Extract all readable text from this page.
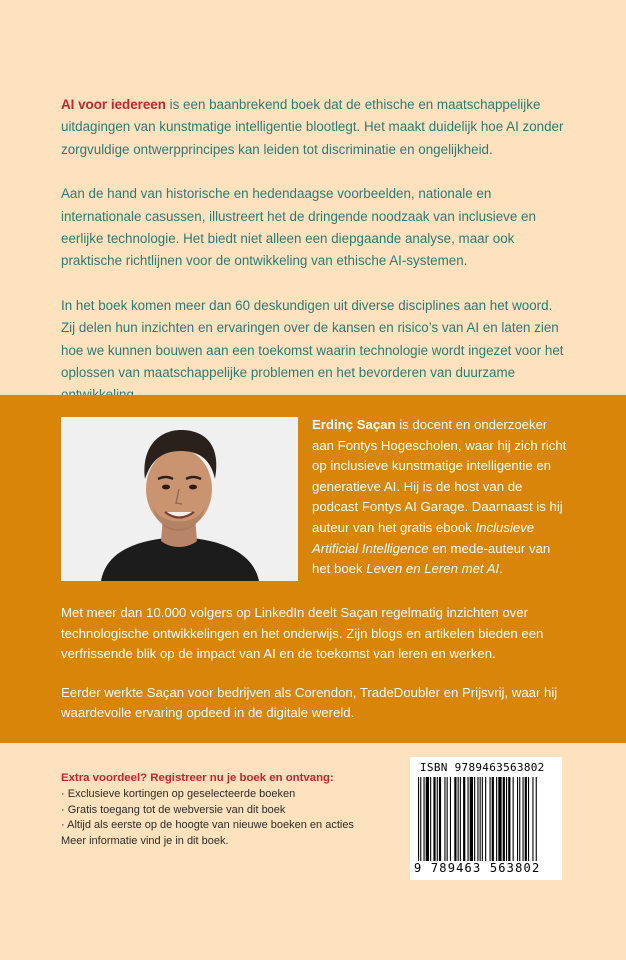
AI voor iedereen is een baanbrekend boek dat de ethische en maatschappelijke uitdagingen van kunstmatige intelligentie blootlegt. Het maakt duidelijk hoe AI zonder zorgvuldige ontwerpprincipes kan leiden tot discriminatie en ongelijkheid.

Aan de hand van historische en hedendaagse voorbeelden, nationale en internationale casussen, illustreert het de dringende noodzaak van inclusieve en eerlijke technologie. Het biedt niet alleen een diepgaande analyse, maar ook praktische richtlijnen voor de ontwikkeling van ethische AI-systemen.

In het boek komen meer dan 60 deskundigen uit diverse disciplines aan het woord. Zij delen hun inzichten en ervaringen over de kansen en risico’s van AI en laten zien hoe we kunnen bouwen aan een toekomst waarin technologie wordt ingezet voor het oplossen van maatschappelijke problemen en het bevorderen van duurzame

Erdinç Saçan is docent en onderzoeker aan Fontys Hogescholen, waar hij zich richt op inclusieve kunstmatige intelligentie en generatieve AI. Hij is de host van de podcast Fontys AI Garage. Daarnaast is hij auteur van het gratis ebook Inclusieve Artificial Intelligence en mede-auteur van het boek Leven en Leren met AI.

Met meer dan 10.000 volgers op LinkedIn deelt Saçan regelmatig inzichten over technologische ontwikkelingen en het onderwijs. Zijn blogs en artikelen bieden een verfrissende blik op de impact van AI en de toekomst van leren en werken.

Eerder werkte Saçan voor bedrijven als Corendon, TradeDoubler en Prijsvrij, waar hij waardevolle ervaring opdeed in de digitale wereld.

Extra voordeel? Registreer nu je boek en ontvang:
· Exclusieve kortingen op geselecteerde boeken
· Gratis toegang tot de webversie van dit boek
· Altijd als eerste op de hoogte van nieuwe boeken en acties
Meer informatie vind je in dit boek.
ISBN 9789463563802
9 789463 563802
